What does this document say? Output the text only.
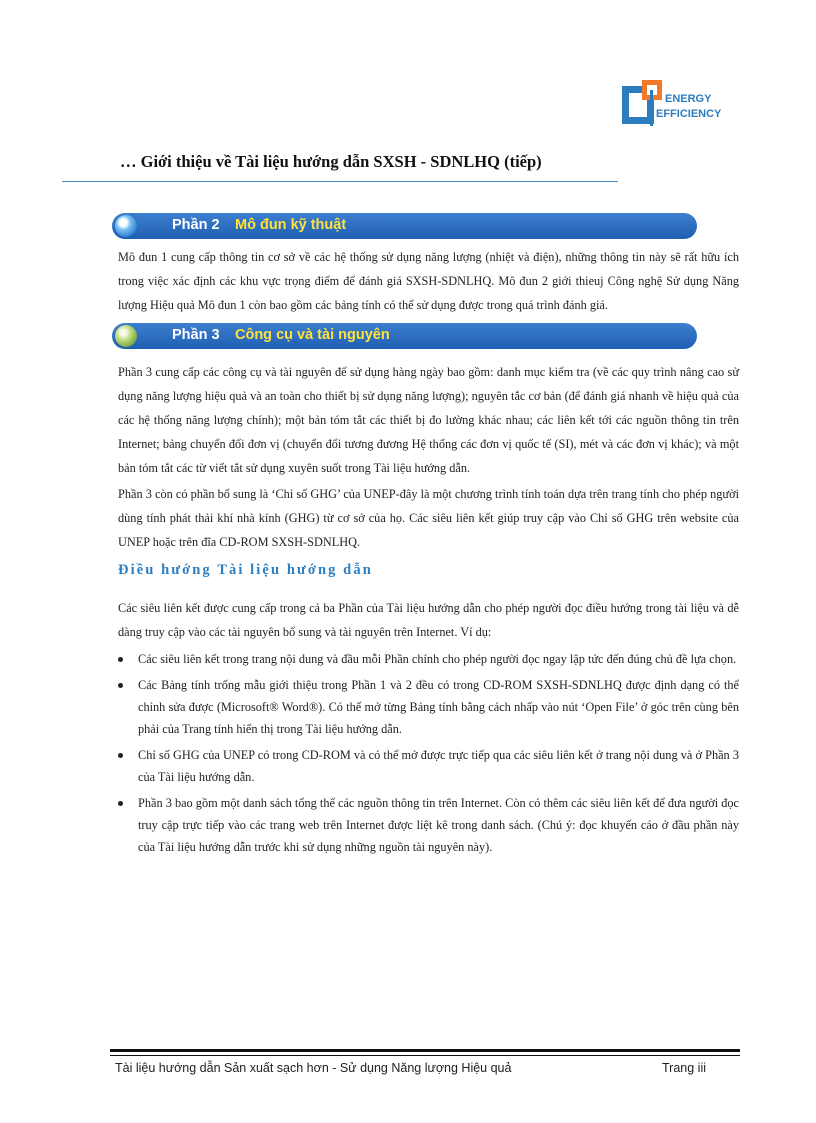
ENERGY
EFFICIENCY
… Giới thiệu về Tài liệu hướng dẫn SXSH - SDNLHQ (tiếp)
Phần 2 Mô đun kỹ thuật

Mô đun 1 cung cấp thông tin cơ sở về các hệ thống sử dụng năng lượng (nhiệt và điện), những thông tin này sẽ rất hữu ích trong việc xác định các khu vực trọng điểm để đánh giá SXSH-SDNLHQ. Mô đun 2 giới thieuj Công nghệ Sử dụng Năng lượng Hiệu quả Mô đun 1 còn bao gồm các bảng tính có thể sử dụng được trong quá trình đánh giá.

Phần 3 Công cụ và tài nguyên

Phần 3 cung cấp các công cụ và tài nguyên để sử dụng hàng ngày bao gồm: danh mục kiểm tra (về các quy trình nâng cao sử dụng năng lượng hiệu quả và an toàn cho thiết bị sử dụng năng lượng); nguyên tắc cơ bản (để đánh giá nhanh về hiệu quả của các hệ thống năng lượng chính); một bản tóm tắt các thiết bị đo lường khác nhau; các liên kết tới các nguồn thông tin trên Internet; bảng chuyển đổi đơn vị (chuyển đổi tương đương Hệ thống các đơn vị quốc tế (SI), mét và các đơn vị khác); và một bản tóm tắt các từ viết tắt sử dụng xuyên suốt trong Tài liệu hướng dẫn.

Phần 3 còn có phần bổ sung là ‘Chỉ số GHG’ của UNEP-đây là một chương trình tính toán dựa trên trang tính cho phép người dùng tính phát thải khí nhà kính (GHG) từ cơ sở của họ. Các siêu liên kết giúp truy cập vào Chỉ số GHG trên website của UNEP hoặc trên đĩa CD-ROM SXSH-SDNLHQ.

Điều hướng Tài liệu hướng dẫn

Các siêu liên kết được cung cấp trong cả ba Phần của Tài liệu hướng dẫn cho phép người đọc điều hướng trong tài liệu và dễ dàng truy cập vào các tài nguyên bổ sung và tài nguyên trên Internet. Ví dụ:

Các siêu liên kết trong trang nội dung và đầu mỗi Phần chính cho phép người đọc ngay lập tức đến đúng chủ đề lựa chọn.
Các Bảng tính trống mẫu giới thiệu trong Phần 1 và 2 đều có trong CD-ROM SXSH-SDNLHQ được định dạng có thể chỉnh sửa được (Microsoft® Word®). Có thể mở từng Bảng tính bằng cách nhấp vào nút ‘Open File’ ở góc trên cùng bên phải của Trang tính hiển thị trong Tài liệu hướng dẫn.
Chỉ số GHG của UNEP có trong CD-ROM và có thể mở được trực tiếp qua các siêu liên kết ở trang nội dung và ở Phần 3 của Tài liệu hướng dẫn.
Phần 3 bao gồm một danh sách tổng thể các nguồn thông tin trên Internet. Còn có thêm các siêu liên kết để đưa người đọc truy cập trực tiếp vào các trang web trên Internet được liệt kê trong danh sách. (Chú ý: đọc khuyến cáo ở đầu phần này của Tài liệu hướng dẫn trước khi sử dụng những nguồn tài nguyên này).
Tài liệu hướng dẫn Sản xuất sạch hơn - Sử dụng Năng lượng Hiệu quả	Trang iii
